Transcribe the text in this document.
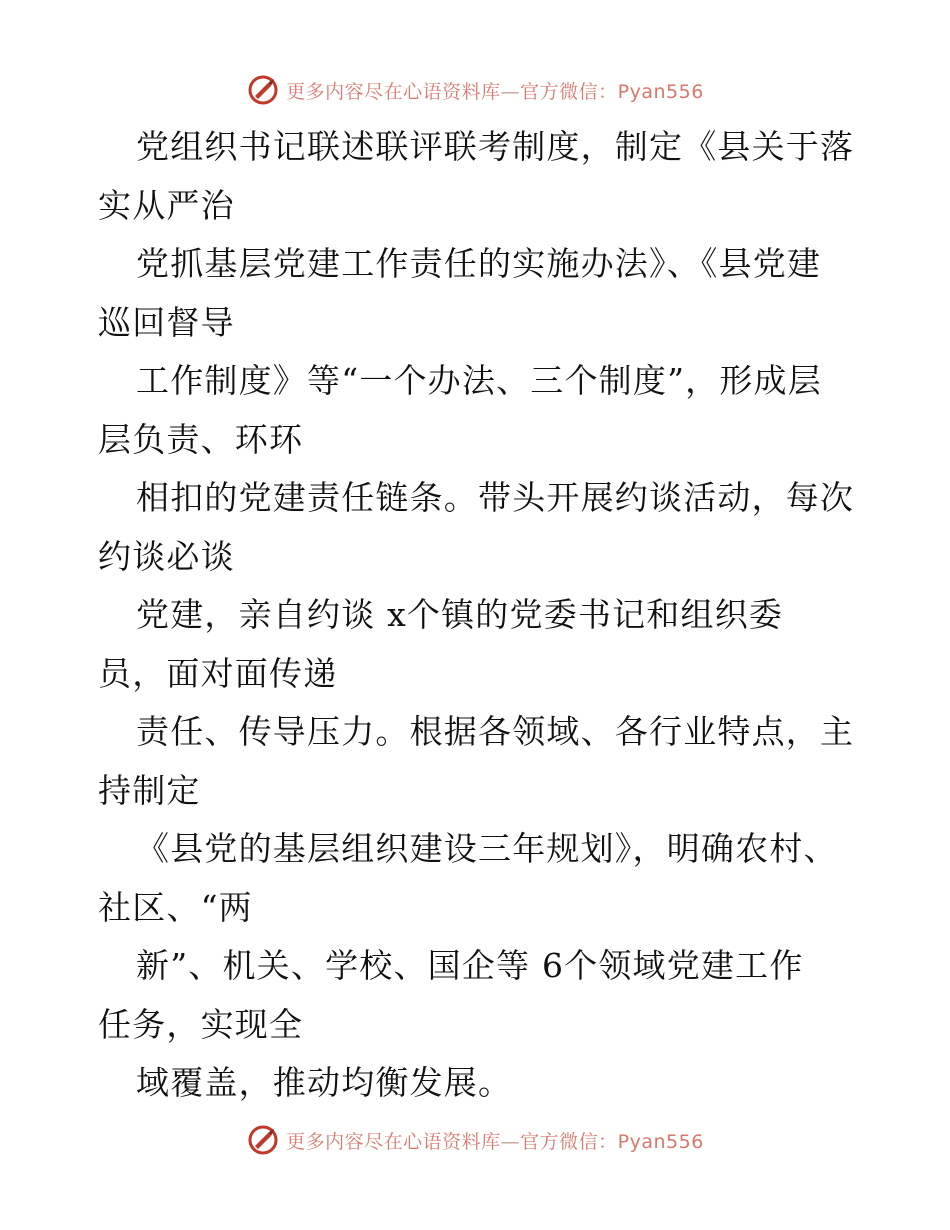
更多内容尽在心语资料库—官方微信：Pyan556
党组织书记联述联评联考制度，制定《县关于落
实从严治
党抓基层党建工作责任的实施办法》、《县党建
巡回督导
工作制度》等“一个办法、三个制度”，形成层
层负责、环环
相扣的党建责任链条。带头开展约谈活动，每次
约谈必谈
党建，亲自约谈 x个镇的党委书记和组织委
员，面对面传递
责任、传导压力。根据各领域、各行业特点，主
持制定
《县党的基层组织建设三年规划》，明确农村、
社区、“两
新”、机关、学校、国企等 6个领域党建工作
任务，实现全
域覆盖，推动均衡发展。
更多内容尽在心语资料库—官方微信：Pyan556
